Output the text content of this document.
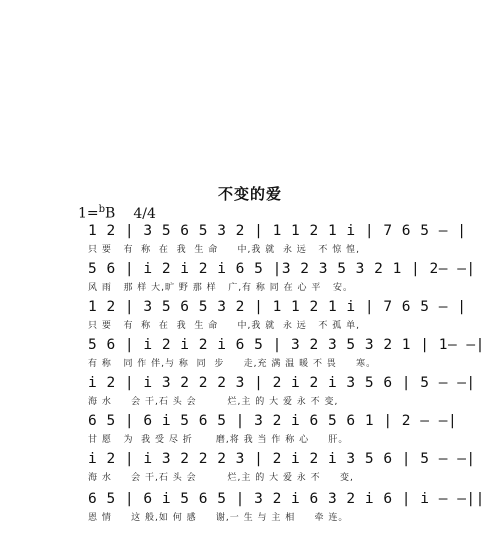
不变的爱
1=$^b$B 4/4
1 2 | 3 5 6 5 3 2 | 1 1 2 1 i | 7 6 5 – |
只 要   有  称  在  我  生 命     中,我 就  永 远   不 惊 惶,
5 6 | i 2 i 2 i 6 5 |3 2 3 5 3 2 1 | 2– –|
风 雨   那 样 大,旷 野 那 样   广,有 称 同 在 心 平   安。
1 2 | 3 5 6 5 3 2 | 1 1 2 1 i | 7 6 5 – |
只 要   有  称  在  我  生 命     中,我 就  永 远   不 孤 单,
5 6 | i 2 i 2 i 6 5 | 3 2 3 5 3 2 1 | 1– –|
有 称   同 作 伴,与 称  同  步     走,充 满 温 暖 不 畏     寒。
i 2 | i 3 2 2 2 3 | 2 i 2 i 3 5 6 | 5 – –|
海 水     会 干,石 头 会        烂,主 的 大 爱 永 不 变,
6 5 | 6 i 5 6 5 | 3 2 i 6 5 6 1 | 2 – –|
甘 愿   为  我 受 尽 折      磨,将 我 当 作 称 心     肝。
i 2 | i 3 2 2 2 3 | 2 i 2 i 3 5 6 | 5 – –|
海 水     会 干,石 头 会        烂,主 的 大 爱 永 不     变,
6 5 | 6 i 5 6 5 | 3 2 i 6 3 2 i 6 | i – –||
恩 情     这 般,如 何 感     谢,一 生 与 主 相     牵 连。
